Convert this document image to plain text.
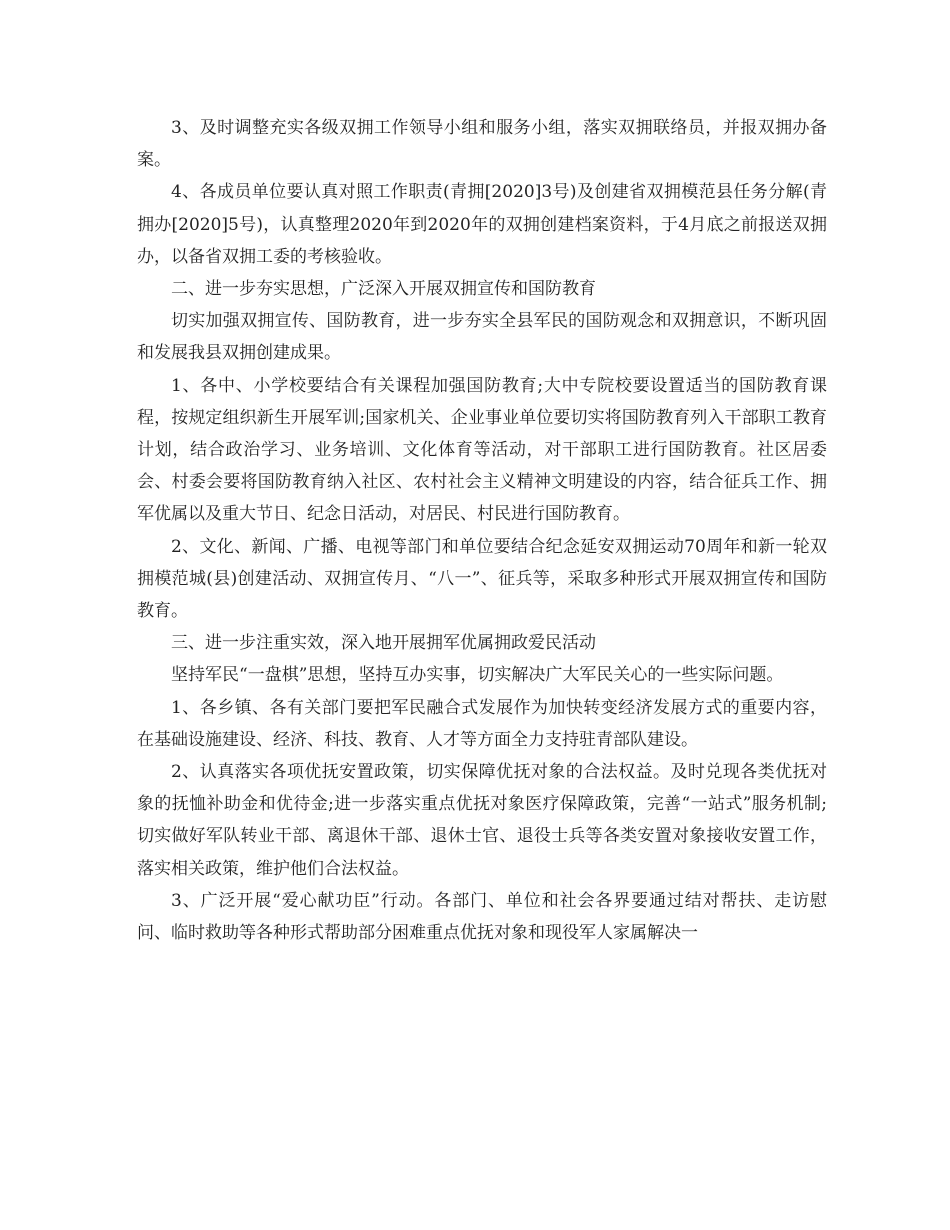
3、及时调整充实各级双拥工作领导小组和服务小组，落实双拥联络员，并报双拥办备案。

4、各成员单位要认真对照工作职责(青拥[2020]3号)及创建省双拥模范县任务分解(青拥办[2020]5号)，认真整理2020年到2020年的双拥创建档案资料，于4月底之前报送双拥办，以备省双拥工委的考核验收。

二、进一步夯实思想，广泛深入开展双拥宣传和国防教育

切实加强双拥宣传、国防教育，进一步夯实全县军民的国防观念和双拥意识，不断巩固和发展我县双拥创建成果。

1、各中、小学校要结合有关课程加强国防教育;大中专院校要设置适当的国防教育课程，按规定组织新生开展军训;国家机关、企业事业单位要切实将国防教育列入干部职工教育计划，结合政治学习、业务培训、文化体育等活动，对干部职工进行国防教育。社区居委会、村委会要将国防教育纳入社区、农村社会主义精神文明建设的内容，结合征兵工作、拥军优属以及重大节日、纪念日活动，对居民、村民进行国防教育。

2、文化、新闻、广播、电视等部门和单位要结合纪念延安双拥运动70周年和新一轮双拥模范城(县)创建活动、双拥宣传月、“八一”、征兵等，采取多种形式开展双拥宣传和国防教育。

三、进一步注重实效，深入地开展拥军优属拥政爱民活动

坚持军民“一盘棋”思想，坚持互办实事，切实解决广大军民关心的一些实际问题。

1、各乡镇、各有关部门要把军民融合式发展作为加快转变经济发展方式的重要内容，在基础设施建设、经济、科技、教育、人才等方面全力支持驻青部队建设。

2、认真落实各项优抚安置政策，切实保障优抚对象的合法权益。及时兑现各类优抚对象的抚恤补助金和优待金;进一步落实重点优抚对象医疗保障政策，完善“一站式”服务机制;切实做好军队转业干部、离退休干部、退休士官、退役士兵等各类安置对象接收安置工作，落实相关政策，维护他们合法权益。

3、广泛开展“爱心献功臣”行动。各部门、单位和社会各界要通过结对帮扶、走访慰问、临时救助等各种形式帮助部分困难重点优抚对象和现役军人家属解决一
